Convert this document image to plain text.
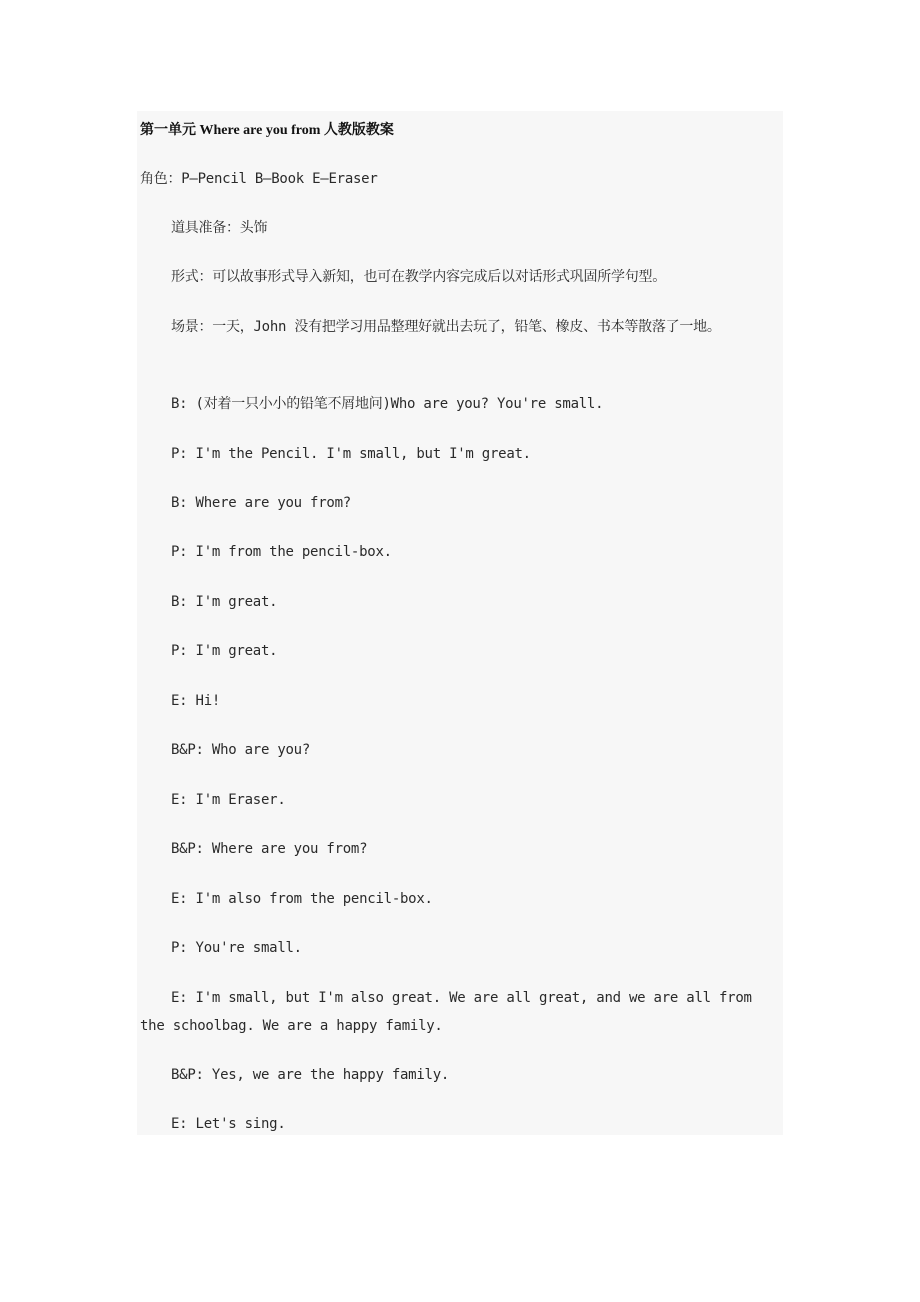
第一单元 Where are you from 人教版教案
角色：P—Pencil B—Book E—Eraser
道具准备：头饰
形式：可以故事形式导入新知，也可在教学内容完成后以对话形式巩固所学句型。
场景：一天，John 没有把学习用品整理好就出去玩了，铅笔、橡皮、书本等散落了一地。
B: (对着一只小小的铅笔不屑地问)Who are you? You're small.
P: I'm the Pencil. I'm small, but I'm great.
B: Where are you from?
P: I'm from the pencil-box.
B: I'm great.
P: I'm great.
E: Hi!
B&P: Who are you?
E: I'm Eraser.
B&P: Where are you from?
E: I'm also from the pencil-box.
P: You're small.
E: I'm small, but I'm also great. We are all great, and we are all from the schoolbag. We are a happy family.
B&P: Yes, we are the happy family.
E: Let's sing.
